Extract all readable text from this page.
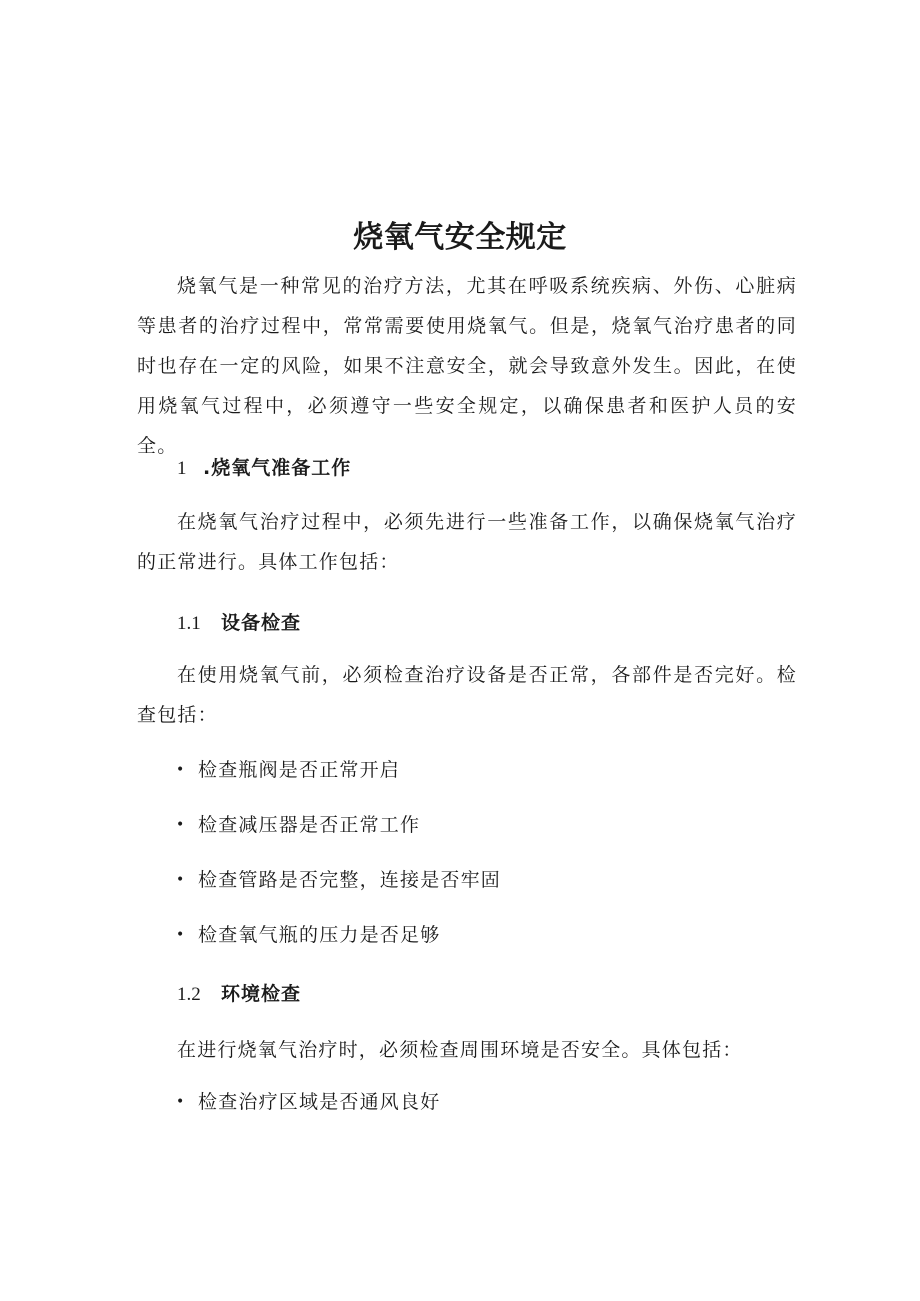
烧氧气安全规定
烧氧气是一种常见的治疗方法，尤其在呼吸系统疾病、外伤、心脏病等患者的治疗过程中，常常需要使用烧氧气。但是，烧氧气治疗患者的同时也存在一定的风险，如果不注意安全，就会导致意外发生。因此，在使用烧氧气过程中，必须遵守一些安全规定，以确保患者和医护人员的安全。
1 .烧氧气准备工作
在烧氧气治疗过程中，必须先进行一些准备工作，以确保烧氧气治疗的正常进行。具体工作包括：
1.1 设备检查
在使用烧氧气前，必须检查治疗设备是否正常，各部件是否完好。检查包括：
• 检查瓶阀是否正常开启
• 检查减压器是否正常工作
• 检查管路是否完整，连接是否牢固
• 检查氧气瓶的压力是否足够
1.2 环境检查
在进行烧氧气治疗时，必须检查周围环境是否安全。具体包括：
• 检查治疗区域是否通风良好
